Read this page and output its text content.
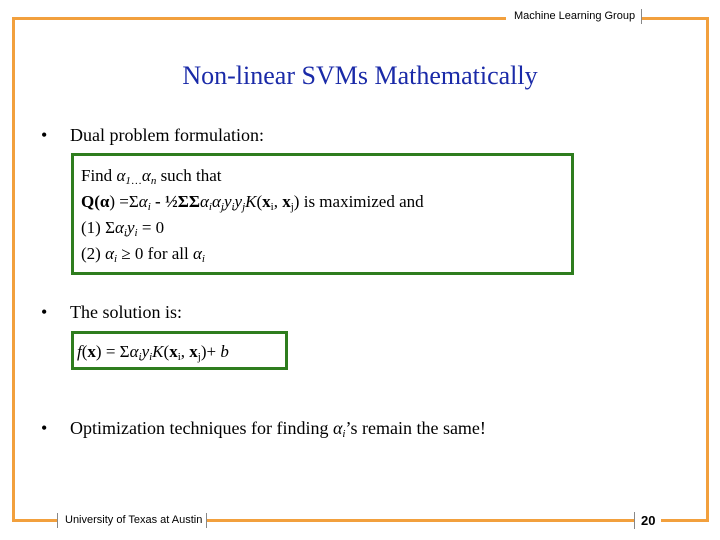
Machine Learning Group
Non-linear SVMs Mathematically
• Dual problem formulation:
Find $\alpha_{1\dots}\alpha_n$ such that
$Q(\alpha) =\Sigma\alpha_i$ - $\frac{1}{2}\Sigma\Sigma\alpha_i\alpha_jy_iy_jK(x_i$, $x_j$) is maximized and
(1) $\Sigma\alpha_iy_i = 0$
(2) $\alpha_i \ge 0$ for all $\alpha_i$
• The solution is:
$f(x) = \Sigma\alpha_iy_iK(x_i$, $x_j)+ b$
• Optimization techniques for finding $\alpha_i’s$ remain the same!
University of Texas at Austin	20
